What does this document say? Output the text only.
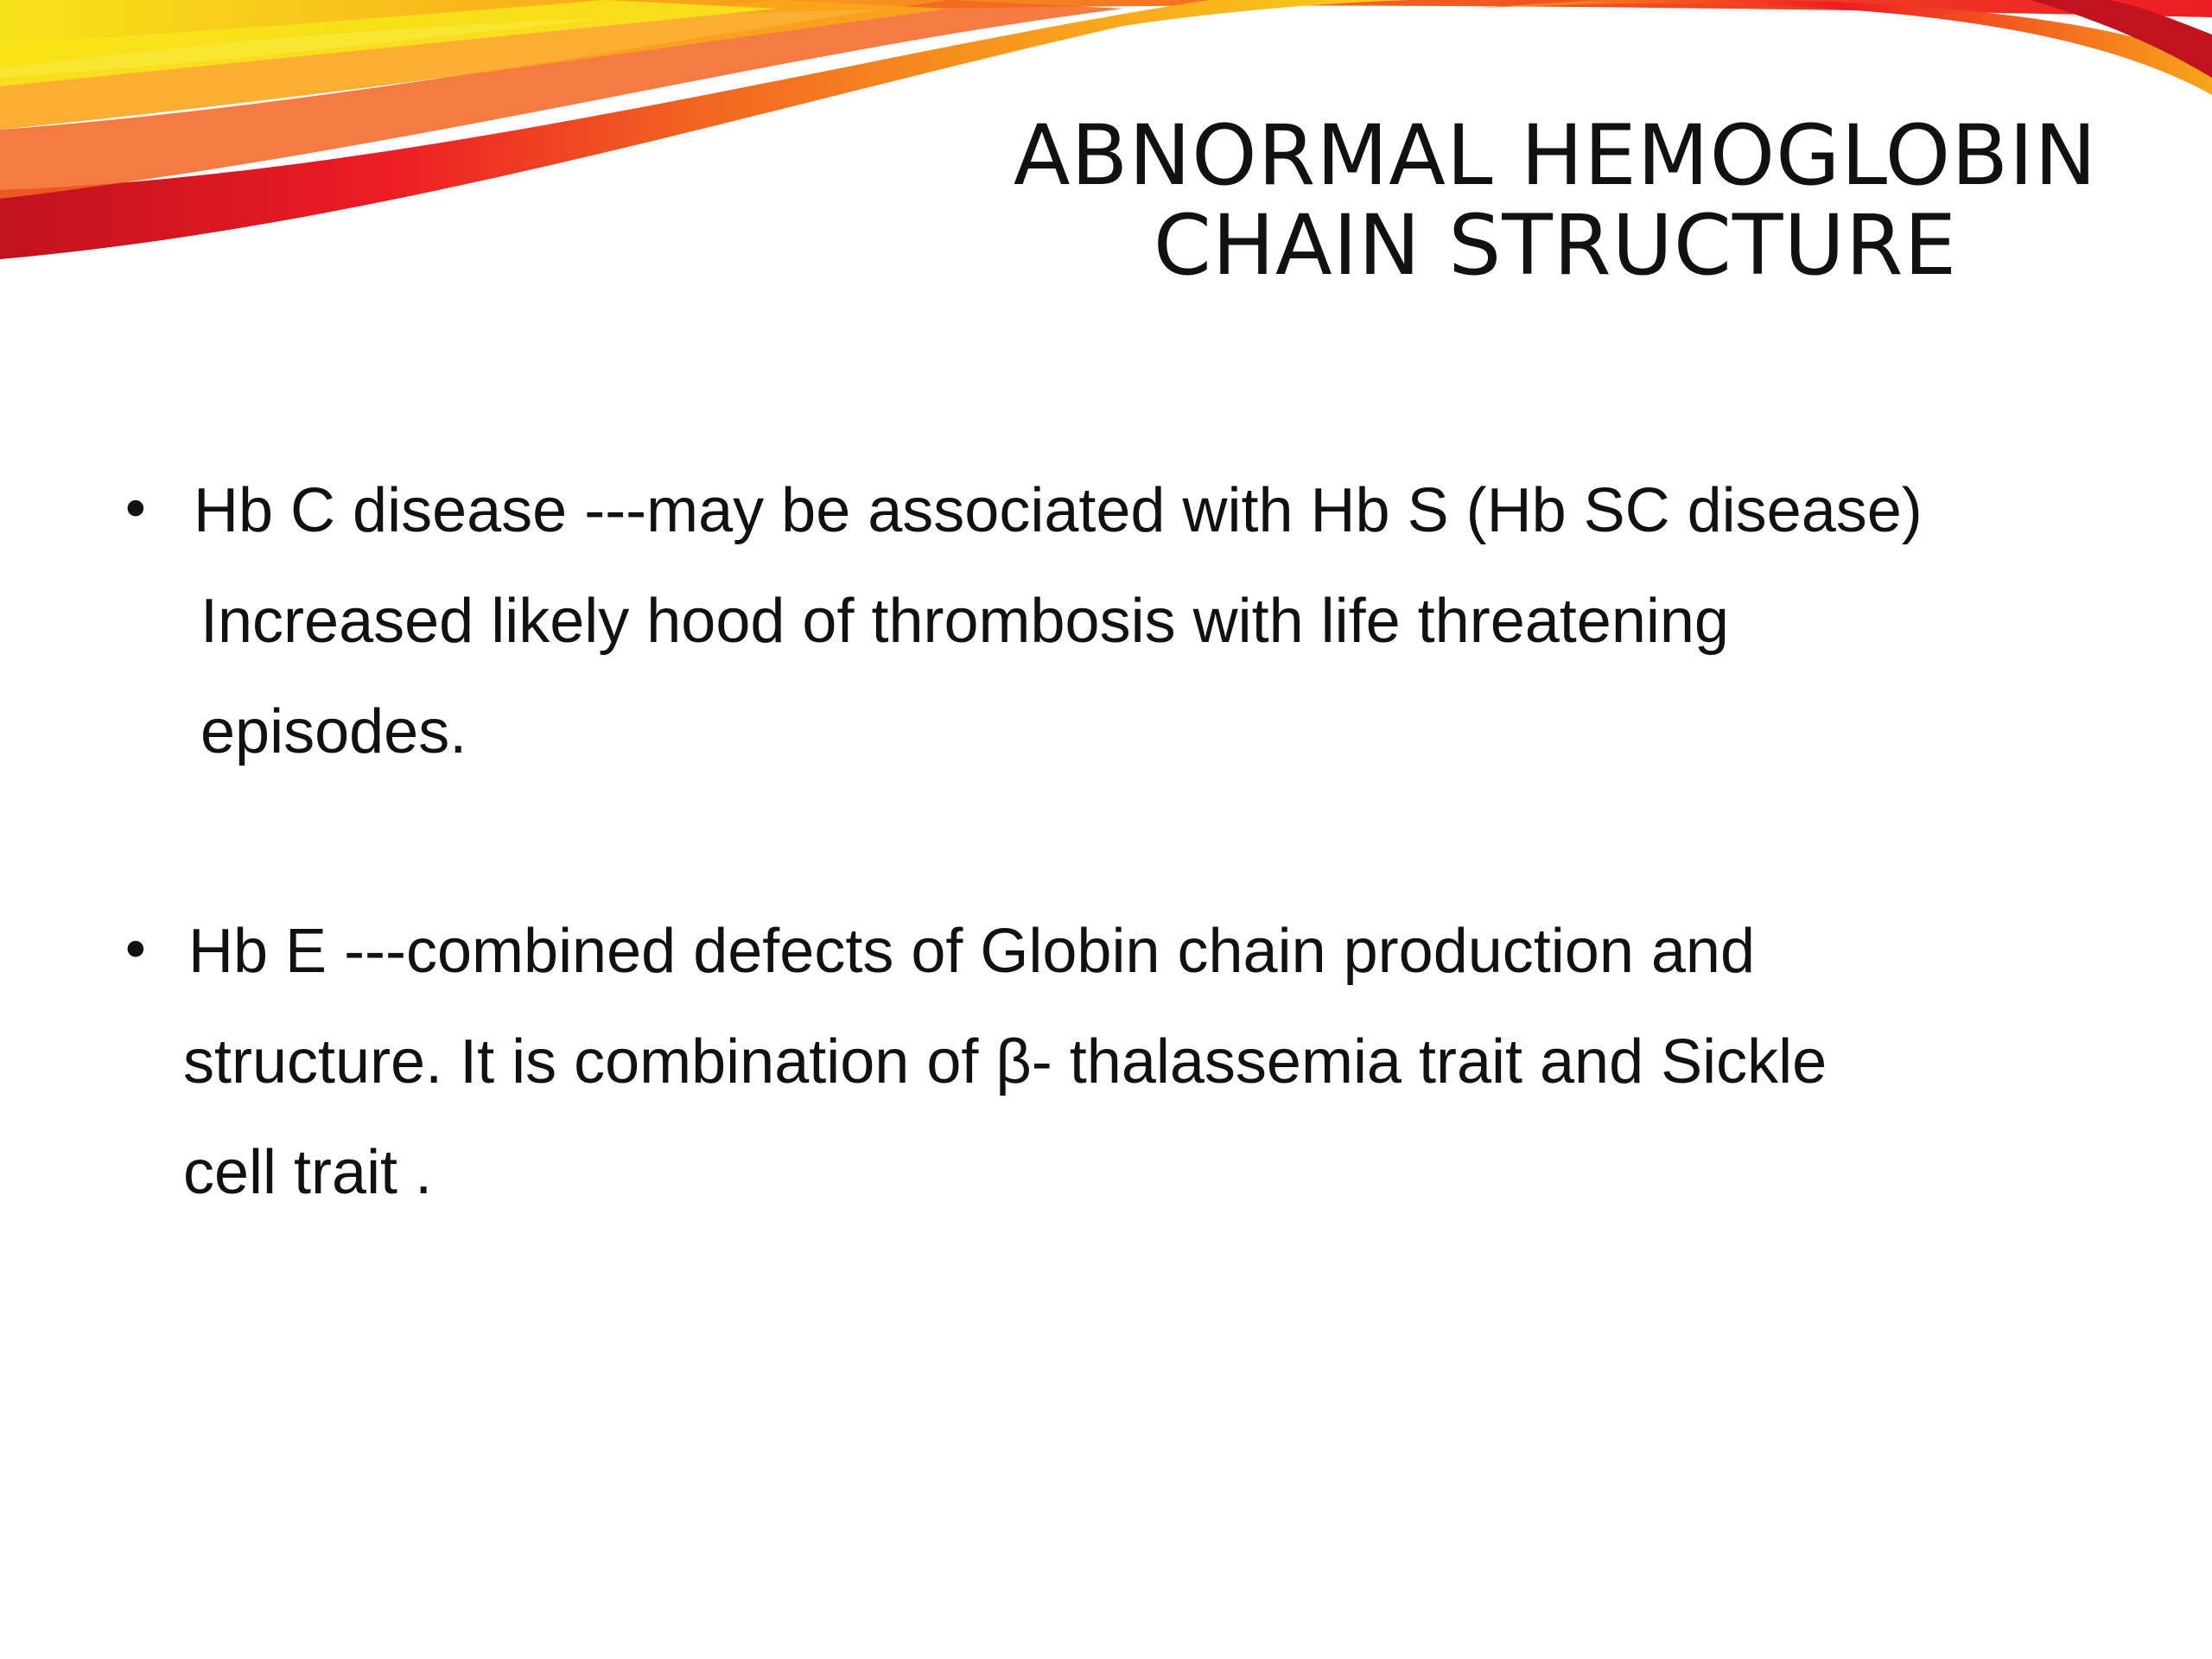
ABNORMAL HEMOGLOBIN
CHAIN STRUCTURE
• Hb C disease ---may be associated with Hb S (Hb SC disease)
Increased likely hood of thrombosis with life threatening
episodes.
• Hb E ---combined defects of Globin chain production and
structure. It is combination of β- thalassemia trait and Sickle
cell trait .
